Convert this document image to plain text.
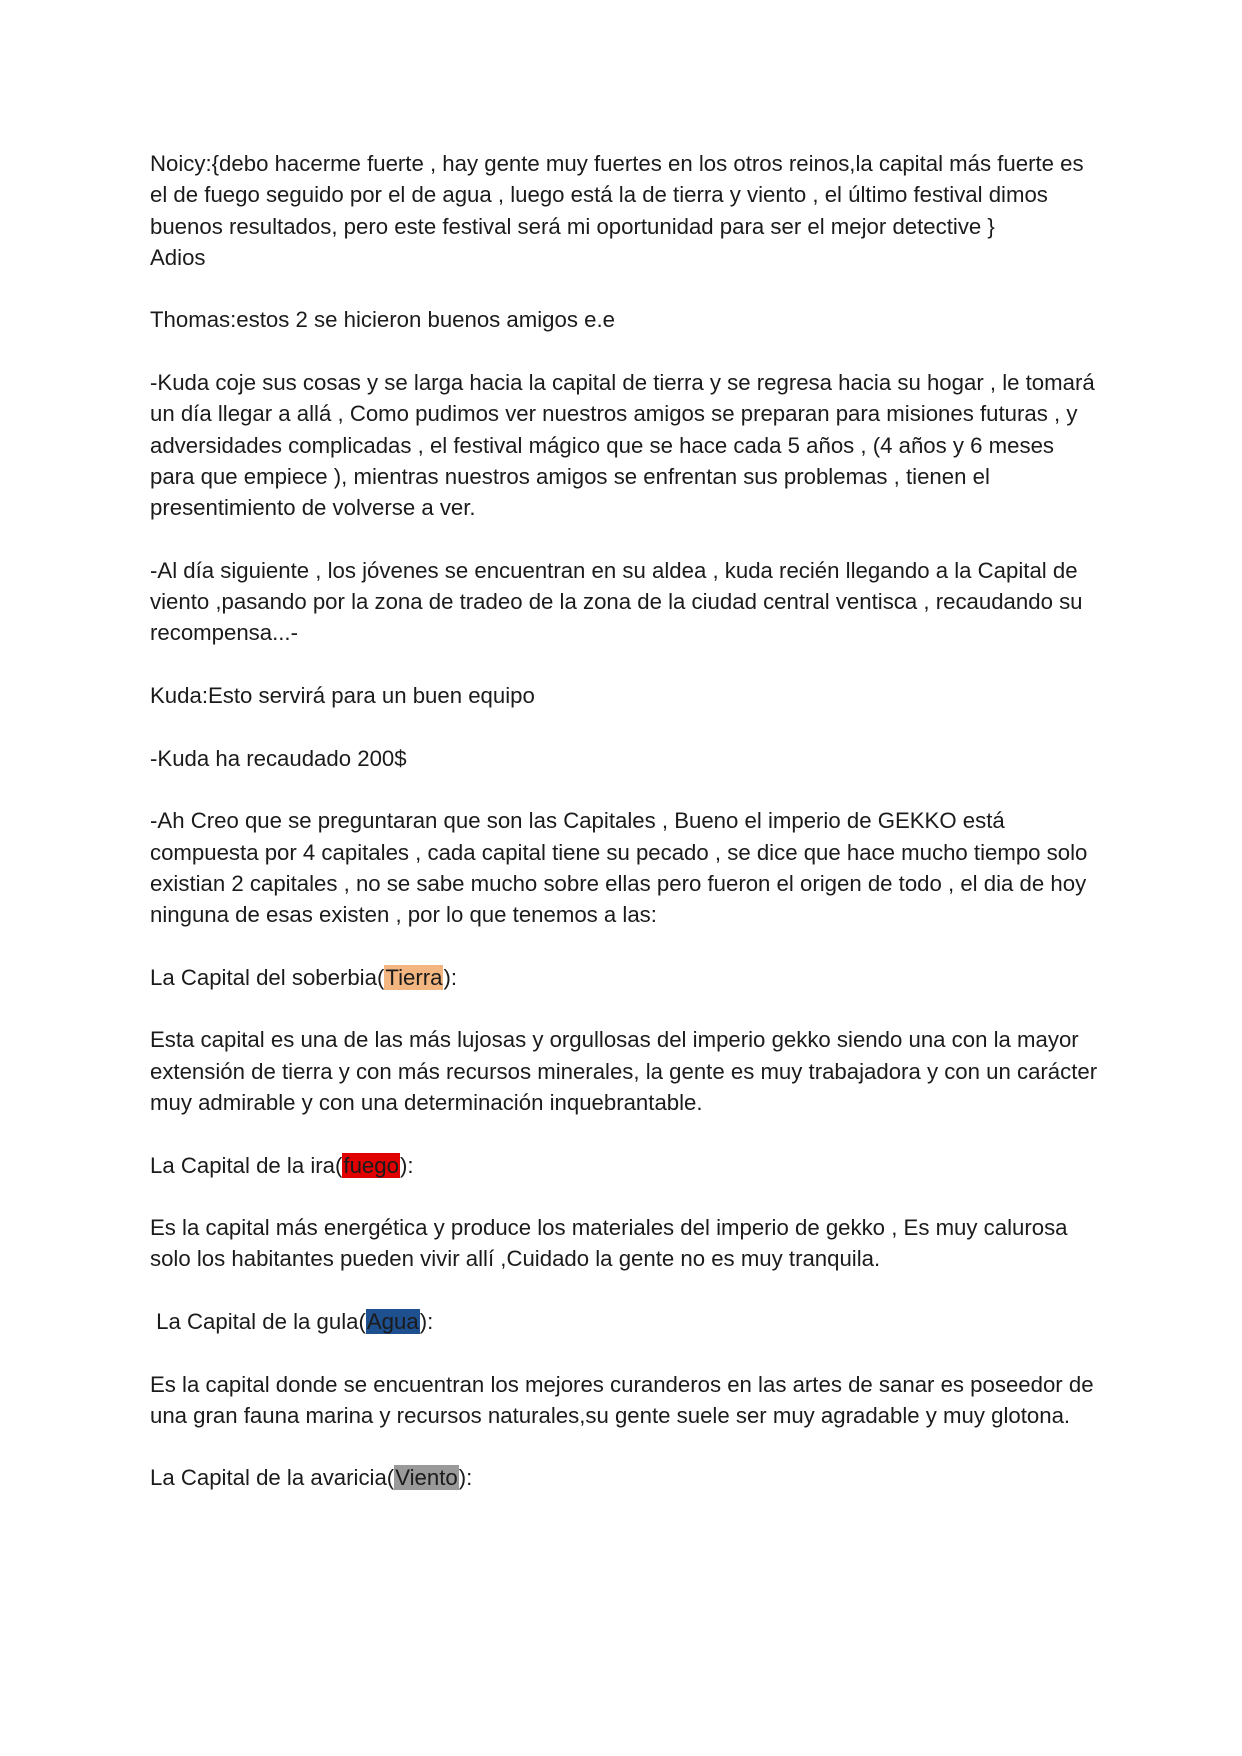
Noicy:{debo hacerme fuerte , hay gente muy fuertes en los otros reinos,la capital más fuerte es el de fuego seguido por el de agua , luego está la de tierra y viento , el último festival dimos buenos resultados, pero este festival será mi oportunidad para ser el mejor detective }
Adios

Thomas:estos 2 se hicieron buenos amigos e.e

-Kuda coje sus cosas y se larga hacia la capital de tierra y se regresa hacia su hogar , le tomará un día llegar a allá , Como pudimos ver nuestros amigos se preparan para misiones futuras , y adversidades complicadas , el festival mágico que se hace cada 5 años , (4 años y 6 meses para que empiece ), mientras nuestros amigos se enfrentan sus problemas , tienen el presentimiento de volverse a ver.

-Al día siguiente , los jóvenes se encuentran en su aldea , kuda recién llegando a la Capital de viento ,pasando por la zona de tradeo de la zona de la ciudad central ventisca , recaudando su recompensa...-

Kuda:Esto servirá para un buen equipo

-Kuda ha recaudado 200$

-Ah Creo que se preguntaran que son las Capitales , Bueno el imperio de GEKKO está compuesta por 4 capitales , cada capital tiene su pecado , se dice que hace mucho tiempo solo existian 2 capitales , no se sabe mucho sobre ellas pero fueron el origen de todo , el dia de hoy ninguna de esas existen , por lo que tenemos a las:

La Capital del soberbia(Tierra):

Esta capital es una de las más lujosas y orgullosas del imperio gekko siendo una con la mayor extensión de tierra y con más recursos minerales, la gente es muy trabajadora y con un carácter muy admirable y con una determinación inquebrantable.

La Capital de la ira(fuego):

Es la capital más energética y produce los materiales del imperio de gekko , Es muy calurosa solo los habitantes pueden vivir allí ,Cuidado la gente no es muy tranquila.

La Capital de la gula(Agua):

Es la capital donde se encuentran los mejores curanderos en las artes de sanar es poseedor de una gran fauna marina y recursos naturales,su gente suele ser muy agradable y muy glotona.

La Capital de la avaricia(Viento):
